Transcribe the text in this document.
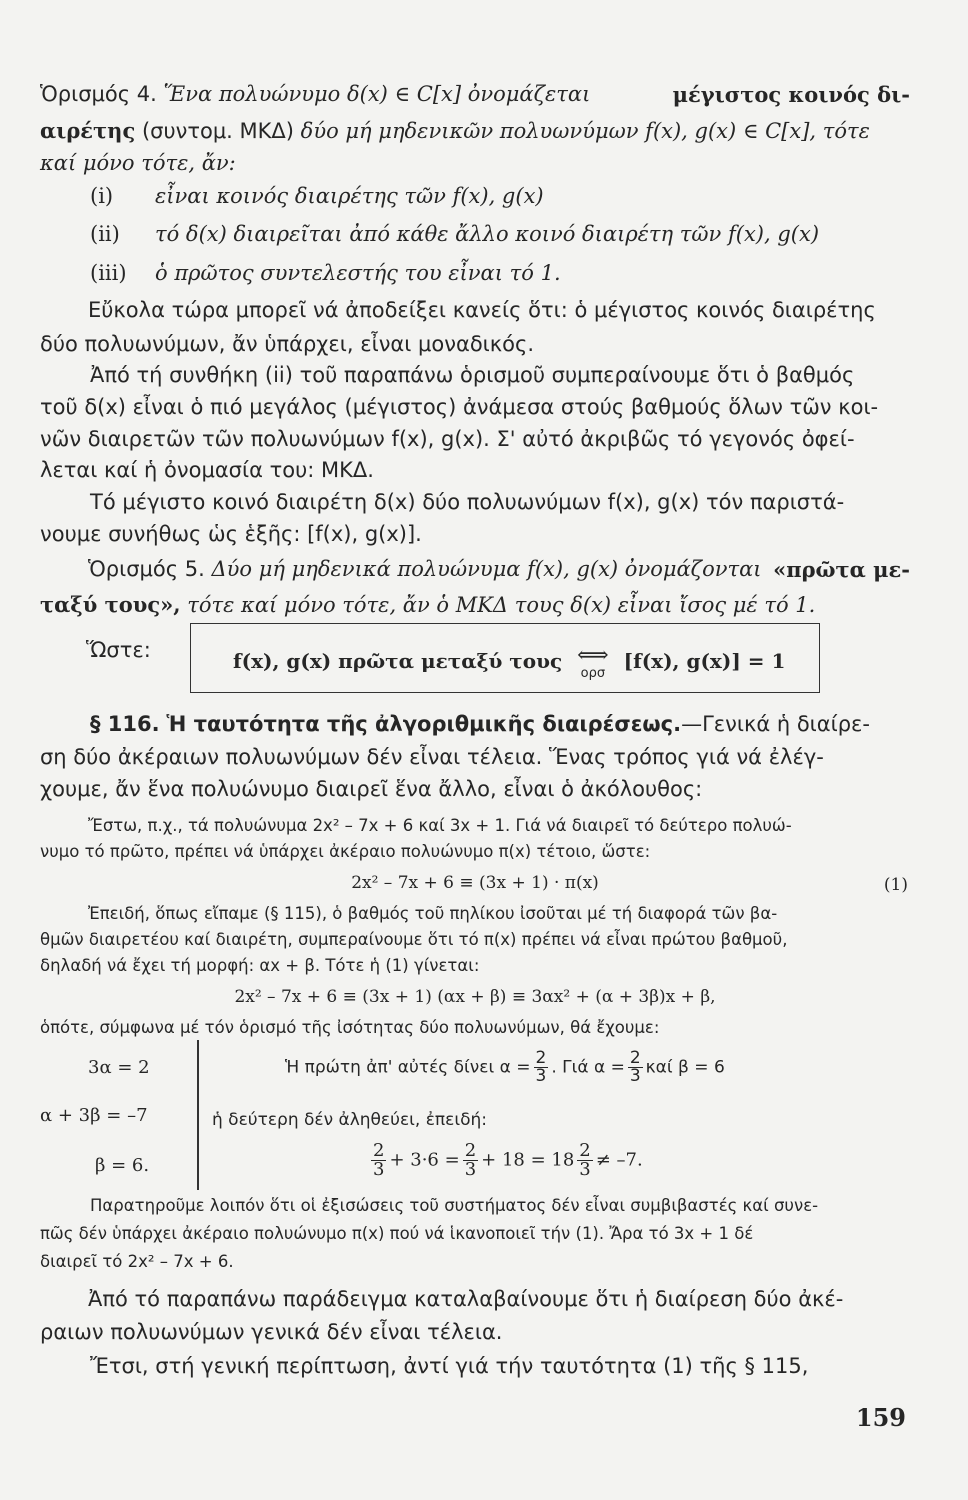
Ὁρισμός 4. Ἕνα πολυώνυμο δ(x) ∈ C[x] ὀνομάζεται	μέγιστος κοινός δι-
αιρέτης (συντομ. ΜΚΔ) δύο μή μηδενικῶν πολυωνύμων f(x), g(x) ∈ C[x], τότε
καί μόνο τότε, ἄν:
(i) εἶναι κοινός διαιρέτης τῶν f(x), g(x)
(ii) τό δ(x) διαιρεῖται ἀπό κάθε ἄλλο κοινό διαιρέτη τῶν f(x), g(x)
(iii) ὁ πρῶτος συντελεστής του εἶναι τό 1.
Εὔκολα τώρα μπορεῖ νά ἀποδείξει κανείς ὅτι: ὁ μέγιστος κοινός διαιρέτης
δύο πολυωνύμων, ἄν ὑπάρχει, εἶναι μοναδικός.
Ἀπό τή συνθήκη (ii) τοῦ παραπάνω ὁρισμοῦ συμπεραίνουμε ὅτι ὁ βαθμός
τοῦ δ(x) εἶναι ὁ πιό μεγάλος (μέγιστος) ἀνάμεσα στούς βαθμούς ὅλων τῶν κοι-
νῶν διαιρετῶν τῶν πολυωνύμων f(x), g(x). Σ' αὐτό ἀκριβῶς τό γεγονός ὀφεί-
λεται καί ἡ ὀνομασία του: ΜΚΔ.
Τό μέγιστο κοινό διαιρέτη δ(x) δύο πολυωνύμων f(x), g(x) τόν παριστά-
νουμε συνήθως ὡς ἑξῆς: [f(x), g(x)].
Ὁρισμός 5. Δύο μή μηδενικά πολυώνυμα f(x), g(x) ὀνομάζονται «πρῶτα με-
ταξύ τους», τότε καί μόνο τότε, ἄν ὁ ΜΚΔ τους δ(x) εἶναι ἴσος μέ τό 1.
Ὥστε:	f(x), g(x) πρῶτα μεταξύ τους ⟺
ορσ
[f(x), g(x)] = 1
§ 116. Ἡ ταυτότητα τῆς ἀλγοριθμικῆς διαιρέσεως.—Γενικά ἡ διαίρε-
ση δύο ἀκέραιων πολυωνύμων δέν εἶναι τέλεια. Ἕνας τρόπος γιά νά ἐλέγ-
χουμε, ἄν ἕνα πολυώνυμο διαιρεῖ ἕνα ἄλλο, εἶναι ὁ ἀκόλουθος:
Ἔστω, π.χ., τά πολυώνυμα 2x² – 7x + 6 καί 3x + 1. Γιά νά διαιρεῖ τό δεύτερο πολυώ-
νυμο τό πρῶτο, πρέπει νά ὑπάρχει ἀκέραιο πολυώνυμο π(x) τέτοιο, ὥστε:
2x² – 7x + 6 ≡ (3x + 1) · π(x)	(1)
Ἐπειδή, ὅπως εἴπαμε (§ 115), ὁ βαθμός τοῦ πηλίκου ἰσοῦται μέ τή διαφορά τῶν βα-
θμῶν διαιρετέου καί διαιρέτη, συμπεραίνουμε ὅτι τό π(x) πρέπει νά εἶναι πρώτου βαθμοῦ,
δηλαδή νά ἔχει τή μορφή: αx + β. Τότε ἡ (1) γίνεται:
2x² – 7x + 6 ≡ (3x + 1) (αx + β) ≡ 3αx² + (α + 3β)x + β,
ὁπότε, σύμφωνα μέ τόν ὁρισμό τῆς ἰσότητας δύο πολυωνύμων, θά ἔχουμε:
3α = 2
α + 3β = –7
β = 6.
Ἡ πρώτη ἀπ' αὐτές δίνει $\alpha = \frac{2}{3}$ . Γιά $\alpha = \frac{2}{3}$ καί β = 6
ἡ δεύτερη δέν ἀληθεύει, ἐπειδή:
$\frac{2}{3} + 3\cdot 6 = \frac{2}{3} + 18 = 18 \frac{2}{3} \ne -7$.
Παρατηροῦμε λοιπόν ὅτι οἱ ἐξισώσεις τοῦ συστήματος δέν εἶναι συμβιβαστές καί συνε-
πῶς δέν ὑπάρχει ἀκέραιο πολυώνυμο π(x) πού νά ἱκανοποιεῖ τήν (1). Ἄρα τό 3x + 1 δέ
διαιρεῖ τό 2x² – 7x + 6.
Ἀπό τό παραπάνω παράδειγμα καταλαβαίνουμε ὅτι ἡ διαίρεση δύο ἀκέ-
ραιων πολυωνύμων γενικά δέν εἶναι τέλεια.
Ἔτσι, στή γενική περίπτωση, ἀντί γιά τήν ταυτότητα (1) τῆς § 115,
159
